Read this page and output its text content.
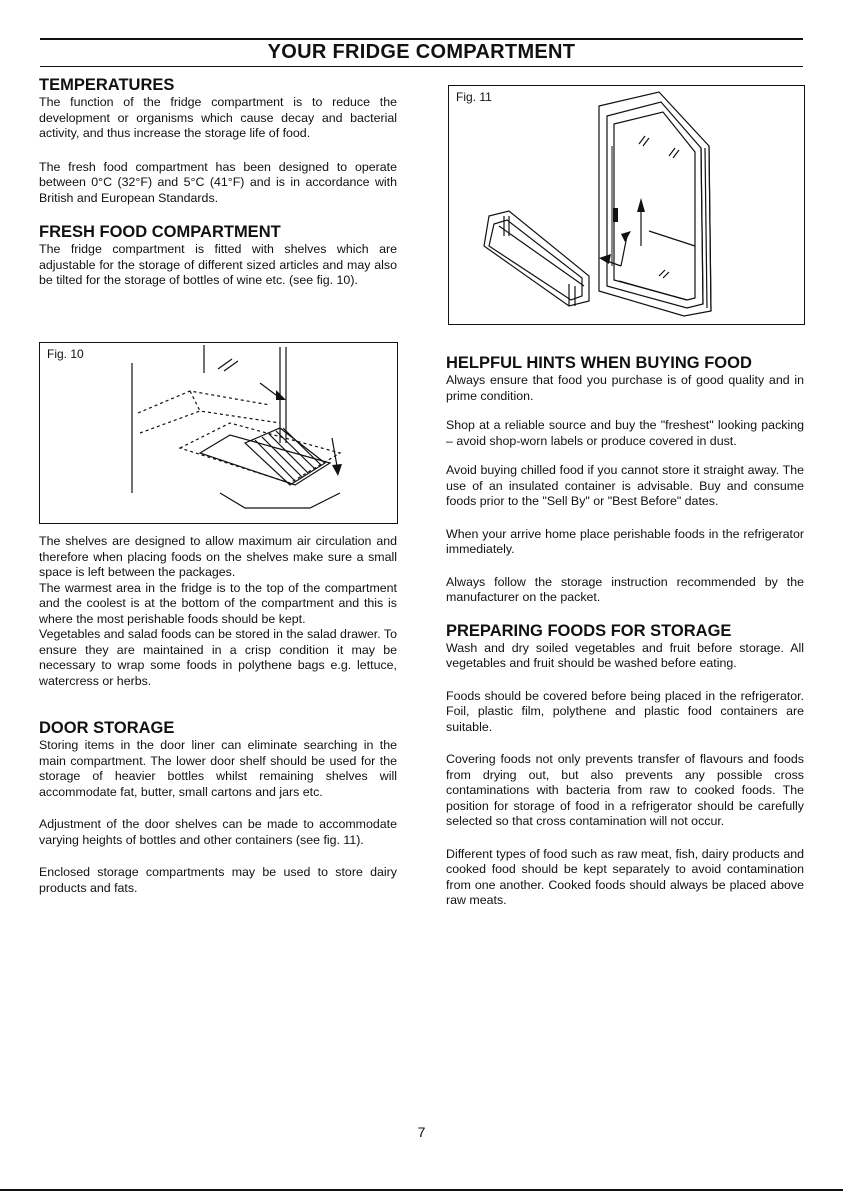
YOUR FRIDGE COMPARTMENT
TEMPERATURES

The function of the fridge compartment is to reduce the development or organisms which cause decay and bacterial activity, and thus increase the storage life of food.

The fresh food compartment has been designed to operate between 0°C (32°F) and 5°C (41°F) and is in accordance with British and European Standards.

FRESH FOOD COMPARTMENT

The fridge compartment is fitted with shelves which are adjustable for the storage of different sized articles and may also be tilted for the storage of bottles of wine etc. (see fig. 10).

Fig. 10

The shelves are designed to allow maximum air circulation and therefore when placing foods on the shelves make sure a small space is left between the packages.

The warmest area in the fridge is to the top of the compartment and the coolest is at the bottom of the compartment and this is where the most perishable foods should be kept.

Vegetables and salad foods can be stored in the salad drawer. To ensure they are maintained in a crisp condition it may be necessary to wrap some foods in polythene bags e.g. lettuce, watercress or herbs.

DOOR STORAGE

Storing items in the door liner can eliminate searching in the main compartment. The lower door shelf should be used for the storage of heavier bottles whilst remaining shelves will accommodate fat, butter, small cartons and jars etc.

Adjustment of the door shelves can be made to accommodate varying heights of bottles and other containers (see fig. 11).

Enclosed storage compartments may be used to store dairy products and fats.

Fig. 11
HELPFUL HINTS WHEN BUYING FOOD

Always ensure that food you purchase is of good quality and in prime condition.

Shop at a reliable source and buy the "freshest" looking packing – avoid shop-worn labels or produce covered in dust.

Avoid buying chilled food if you cannot store it straight away. The use of an insulated container is advisable. Buy and consume foods prior to the "Sell By" or "Best Before" dates.

When your arrive home place perishable foods in the refrigerator immediately.

Always follow the storage instruction recommended by the manufacturer on the packet.

PREPARING FOODS FOR STORAGE

Wash and dry soiled vegetables and fruit before storage. All vegetables and fruit should be washed before eating.

Foods should be covered before being placed in the refrigerator. Foil, plastic film, polythene and plastic food containers are suitable.

Covering foods not only prevents transfer of flavours and foods from drying out, but also prevents any possible cross contaminations with bacteria from raw to cooked foods. The position for storage of food in a refrigerator should be carefully selected so that cross contamination will not occur.

Different types of food such as raw meat, fish, dairy products and cooked food should be kept separately to avoid contamination from one another. Cooked foods should always be placed above raw meats.

7
